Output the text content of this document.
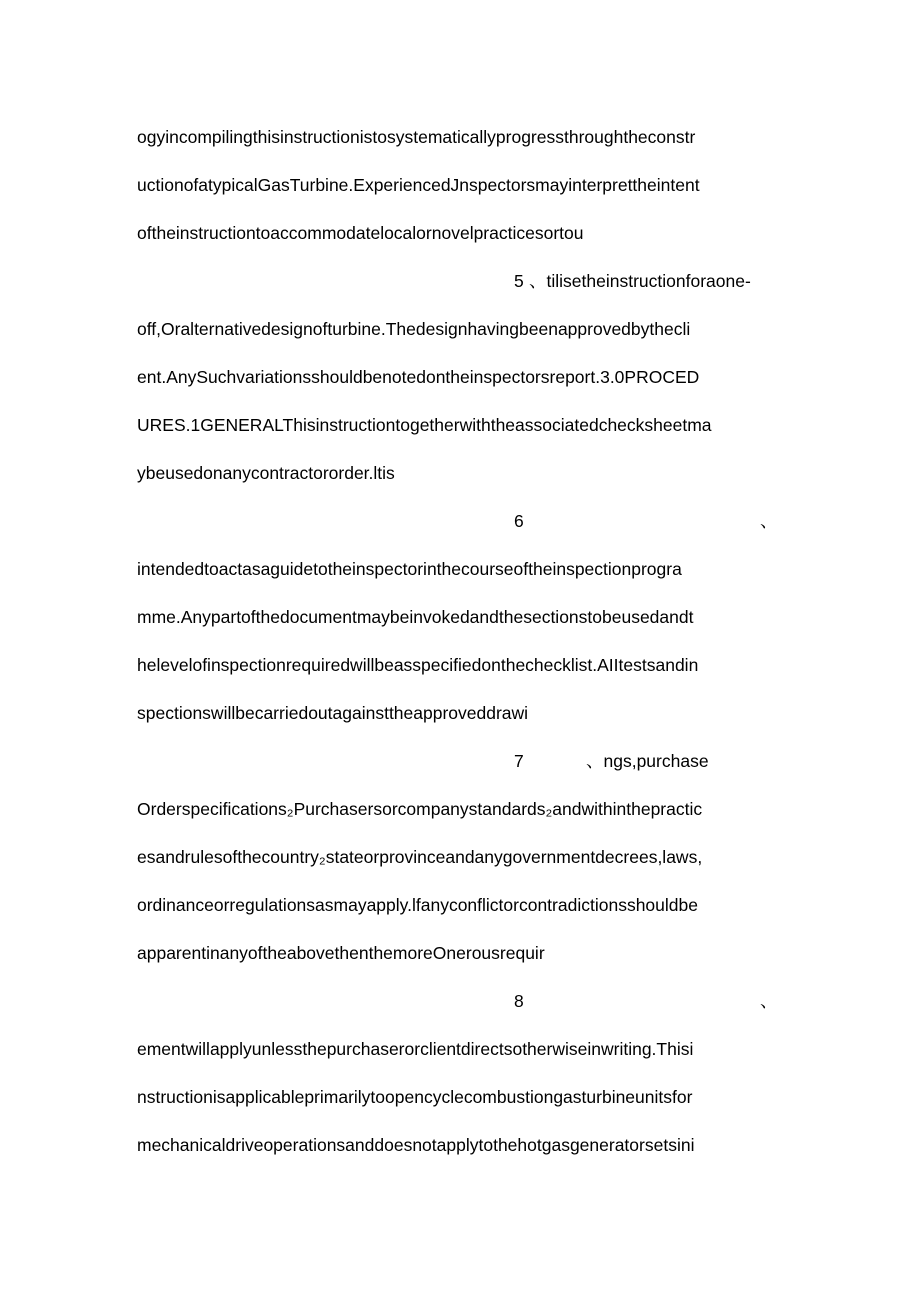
ogyincompilingthisinstructionistosystematicallyprogressthroughtheconstr
uctionofatypicalGasTurbine.ExperiencedJnspectorsmayinterprettheintent
oftheinstructiontoaccommodatelocalornovelpracticesortou
5 、tilisetheinstructionforaone-
off,Oralternativedesignofturbine.Thedesignhavingbeenapprovedbythecli
ent.AnySuchvariationsshouldbenotedontheinspectorsreport.3.0PROCED
URES.1GENERALThisinstructiontogetherwiththeassociatedchecksheetma
ybeusedonanycontractororder.ltis
6	、
intendedtoactasaguidetotheinspectorinthecourseoftheinspectionprogra
mme.Anypartofthedocumentmaybeinvokedandthesectionstobeusedandt
helevelofinspectionrequiredwillbeasspecifiedonthechecklist.AIItestsandin
spectionswillbecarriedoutagainsttheapproveddrawi
7	、ngs,purchase
Orderspecifications₂Purchasersorcompanystandards₂andwithinthepractic
esandrulesofthecountry₂stateorprovinceandanygovernmentdecrees,laws,
ordinanceorregulationsasmayapply.lfanyconflictorcontradictionsshouldbe
apparentinanyoftheabovethenthemoreOnerousrequir
8	、
ementwillapplyunlessthepurchaserorclientdirectsotherwiseinwriting.Thisi
nstructionisapplicableprimarilytoopencyclecombustiongasturbineunitsfor
mechanicaldriveoperationsanddoesnotapplytothehotgasgeneratorsetsini
